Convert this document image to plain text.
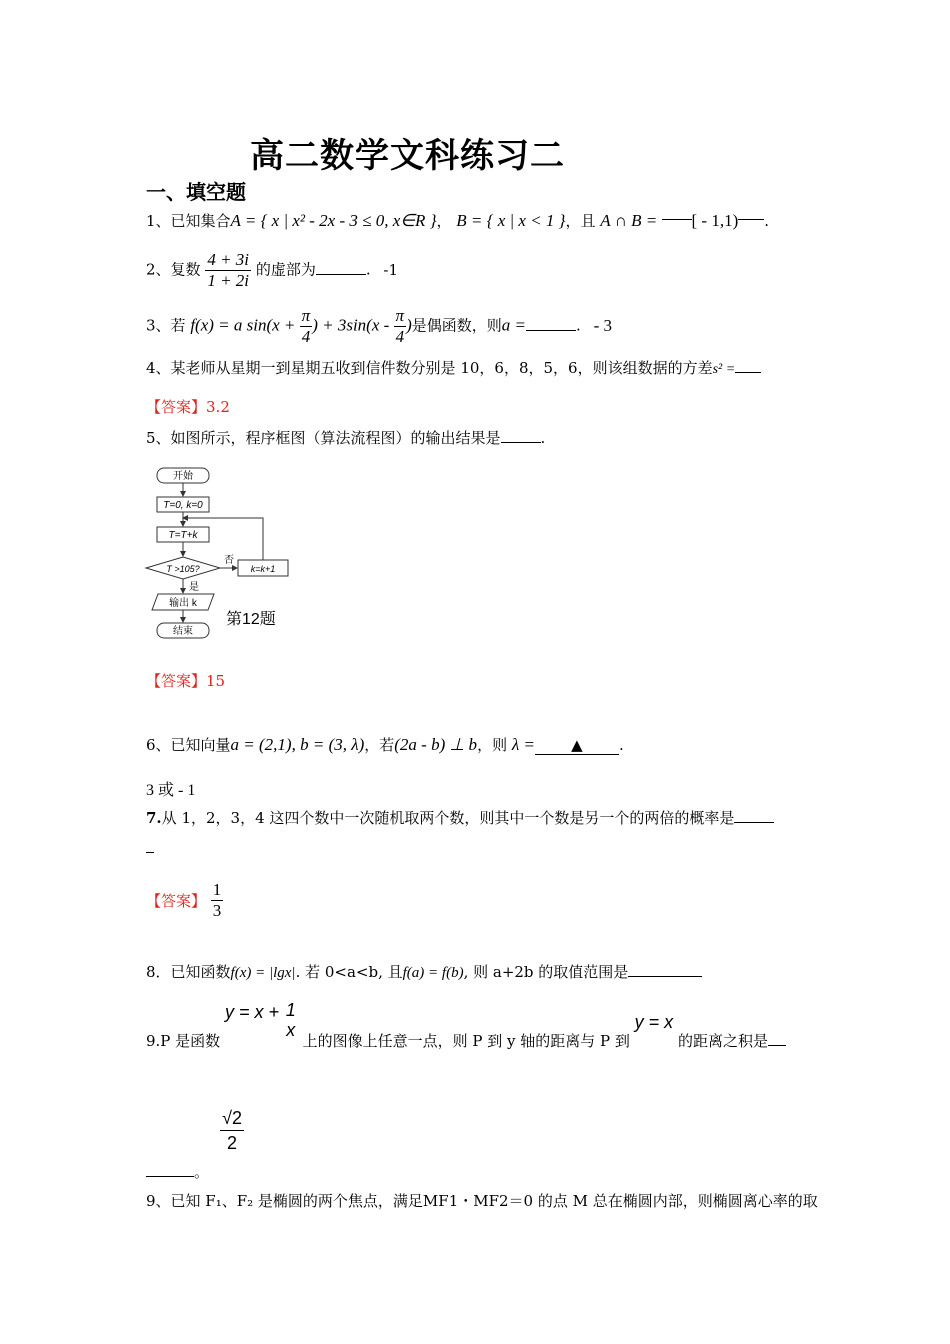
高二数学文科练习二
一、填空题
1、已知集合A = { x | x² - 2x - 3 ≤ 0, x∈R }， B = { x | x < 1 }，且 A ∩ B = [ - 1,1) .
2、复数 $\frac{4 + 3i}{1 + 2i}$ 的虚部为	. -1
3、若 f(x) = a $\sin(x + \frac{\pi}{4}$ ) + $3\sin(x - \frac{\pi}{4}$ )是偶函数，则a =	. - 3
4、某老师从星期一到星期五收到信件数分别是 10，6，8，5，6，则该组数据的方差s² =
【答案】3.2
5、如图所示，程序框图（算法流程图）的输出结果是	.
开始
T=0, k=0
T=T+k
T >105?
否
是
k=k+1
输出 k
结束
第12题
【答案】15
6、已知向量a = (2,1), b = (3, λ)，若(2a - b) ⊥ b，则 λ = ▲ .
3 或 - 1
7.从 1，2，3，4 这四个数中一次随机取两个数，则其中一个数是另一个的两倍的概率是
【答案】 $\frac{1}{3}$
8．已知函数f(x) = |lgx|. 若 0<a<b, 且f(a) = f(b), 则 a+2b 的取值范围是
9.P 是函数 y = x + 1
x
上的图像上任意一点，则 P 到 y 轴的距离与 P 到 y = x 的距离之积是
。
$\frac{√2}{2}$
9、已知 F₁、F₂ 是椭圆的两个焦点，满足MF1・MF2＝0 的点 M 总在椭圆内部，则椭圆离心率的取
